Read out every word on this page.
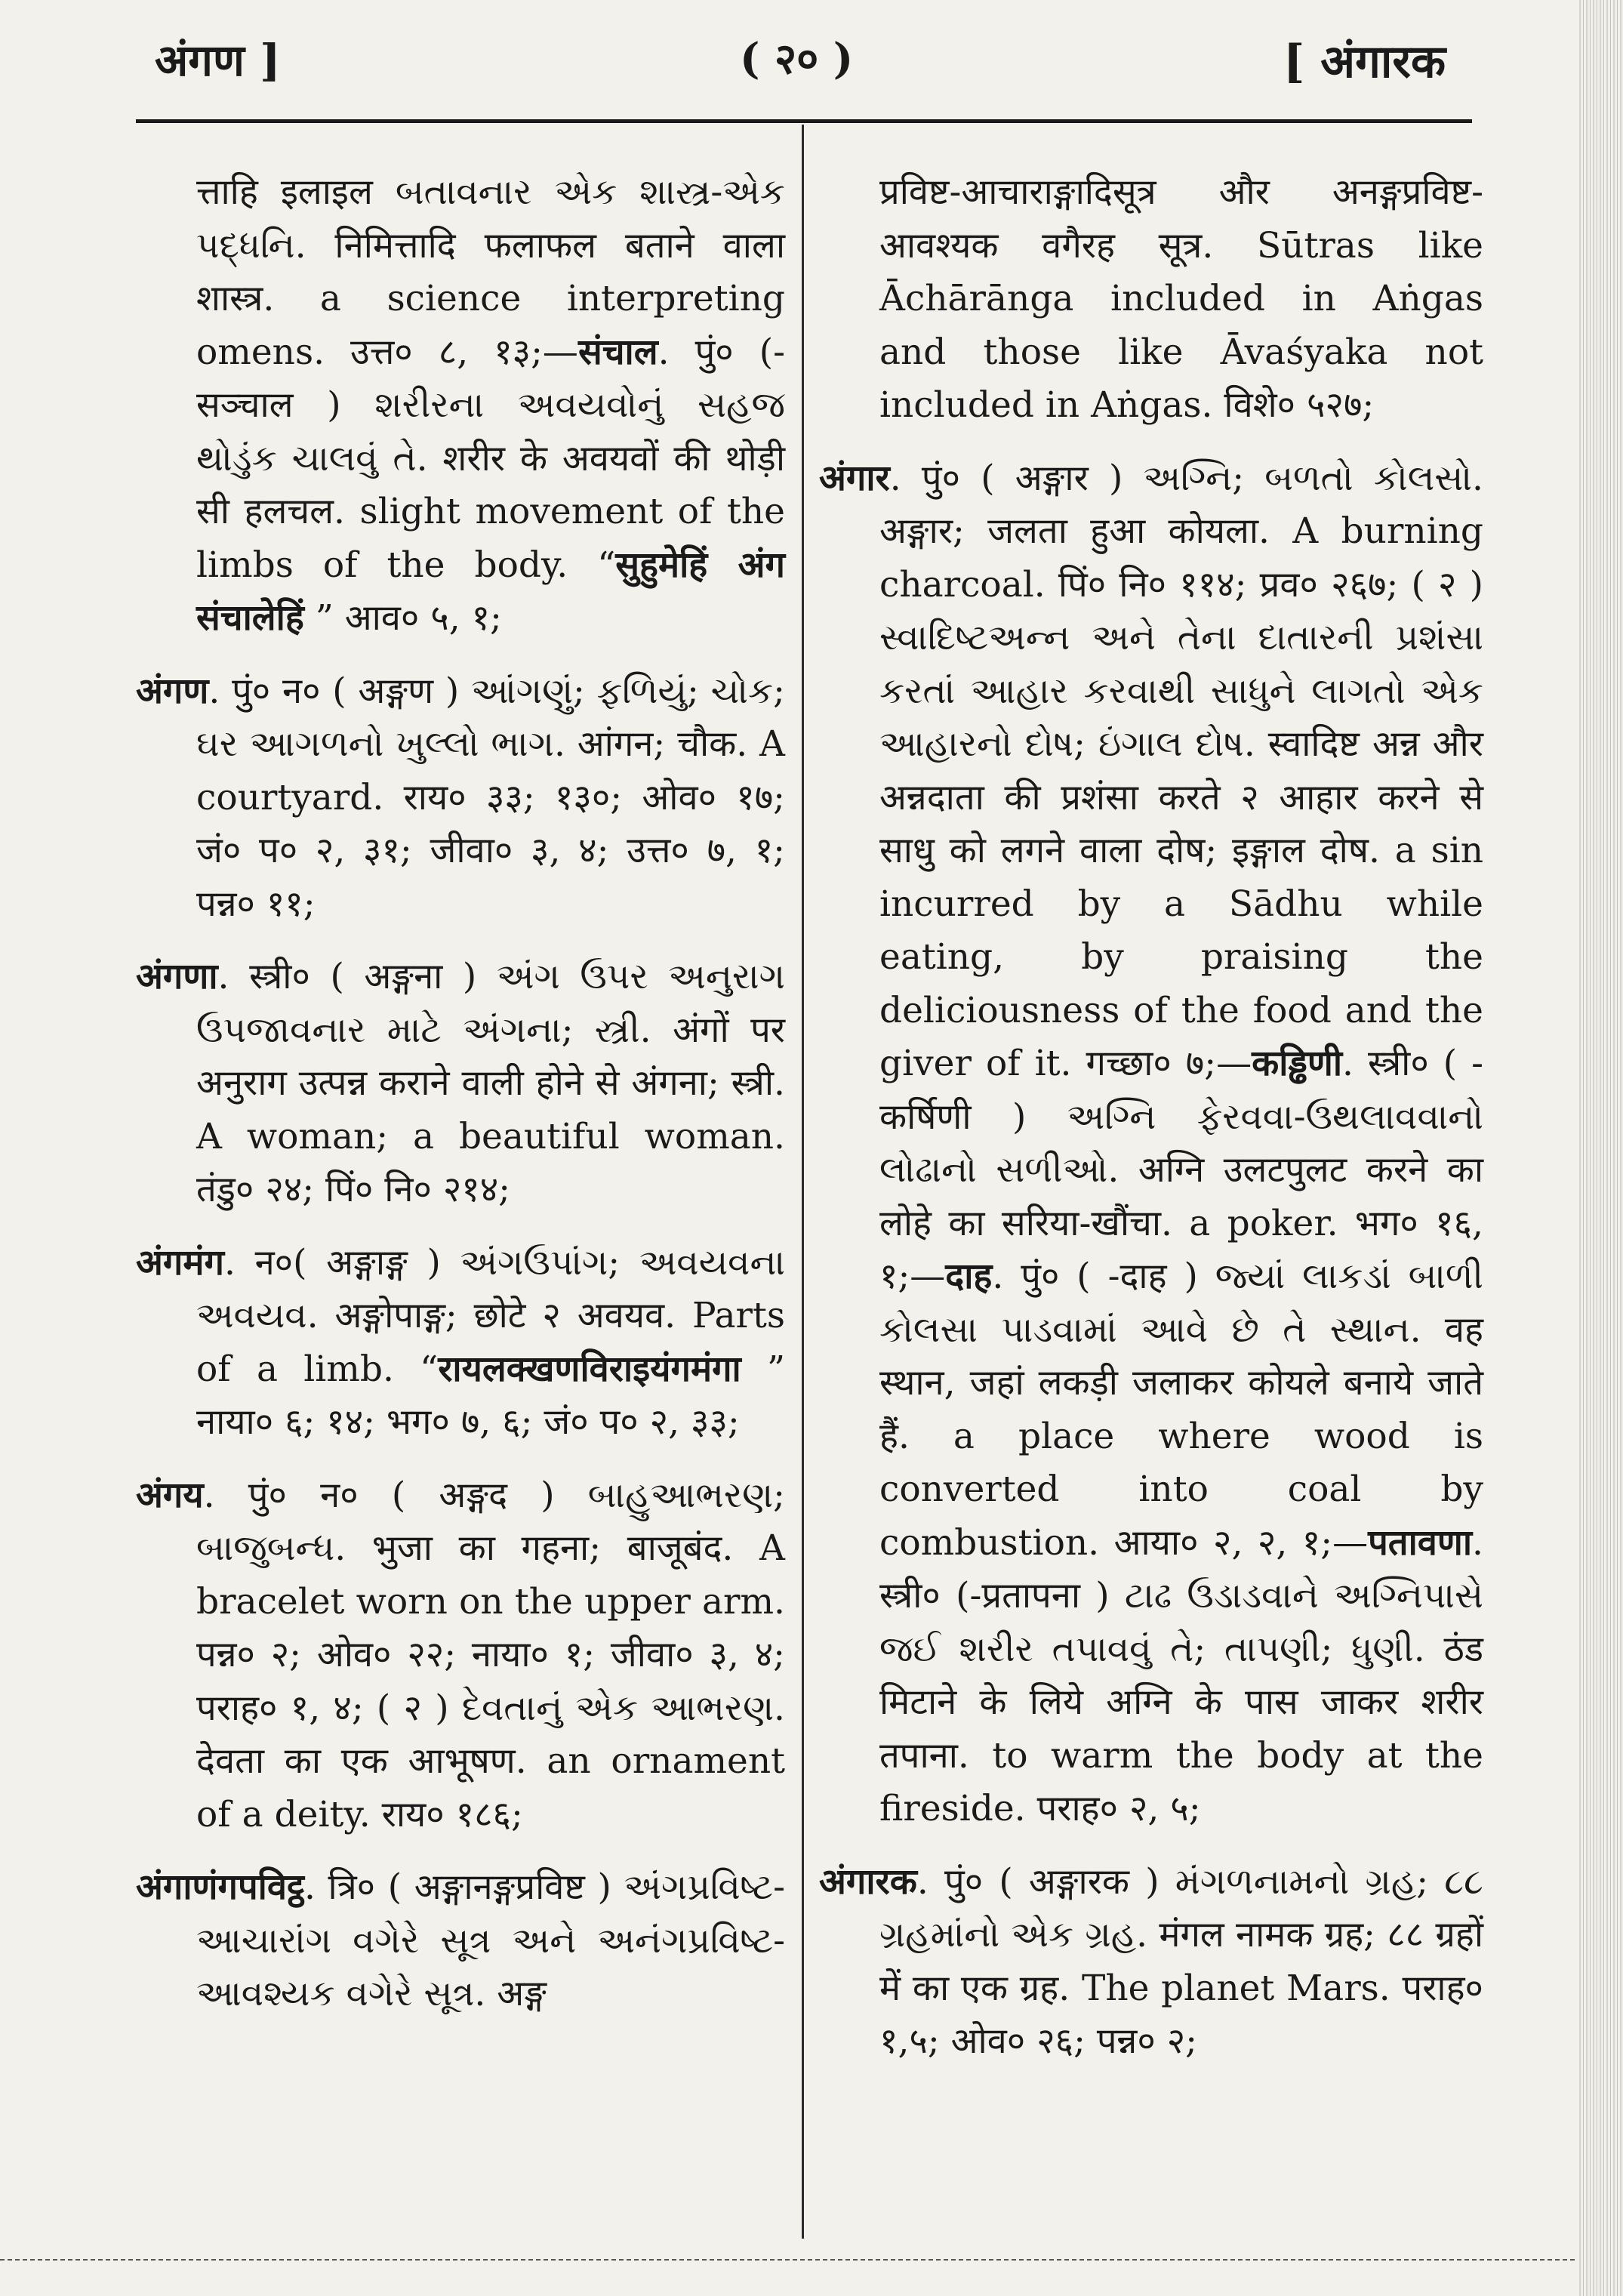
अंगण ]	( २० )	[ अंगारक

त्ताहि इलाइल બતાવનાર એક શાસ્ત્ર-એક પદ્ધનિ. निमित्तादि फलाफल बताने वाला शास्त्र. a science interpreting omens. उत्त० ८, १३;—संचाल. पुं० (-सञ्चाल ) શરીરના અવયવોનું સહજ થોડુંક ચાલવું તે. शरीर के अवयवों की थोड़ी सी हलचल. slight movement of the limbs of the body. “सुहुमेहिं अंग संचालेहिं ” आव० ५, १;

अंगण. पुं० न० ( अङ्गण ) આંગણું; ફળિયું; ચોક; ઘર આગળનો ખુલ્લો ભાગ. आंगन; चौक. A courtyard. राय० ३३; १३०; ओव० १७; जं० प० २, ३१; जीवा० ३, ४; उत्त० ७, १; पन्न० ११;

अंगणा. स्त्री० ( अङ्गना ) અંગ ઉપર અનુરાગ ઉપજાવનાર માટે અંગના; સ્ત્રી. अंगों पर अनुराग उत्पन्न कराने वाली होने से अंगना; स्त्री. A woman; a beautiful woman. तंडु० २४; पिं० नि० २१४;

अंगमंग. न०( अङ्गाङ्ग ) અંગઉપાંગ; અવયવના અવયવ. अङ्गोपाङ्ग; छोटे २ अवयव. Parts of a limb. “रायलक्खणविराइयंगमंगा ” नाया० ६; १४; भग० ७, ६; जं० प० २, ३३;

अंगय. पुं० न० ( अङ्गद ) બાહુઆભરણ; બાજુબન્ધ. भुजा का गहना; बाजूबंद. A bracelet worn on the upper arm. पन्न० २; ओव० २२; नाया० १; जीवा० ३, ४; पराह० १, ४; ( २ ) દેવતાનું એક આભરણ. देवता का एक आभूषण. an ornament of a deity. राय० १८६;

अंगाणंगपविट्ठ. त्रि० ( अङ्गानङ्गप्रविष्ट ) અંગપ્રવિષ્ટ-આચારાંગ વગેરે સૂત્ર અને અનંગપ્રવિષ્ટ-આવશ્યક વગેરે સૂત્ર. अङ्ग

प्रविष्ट-आचाराङ्गादिसूत्र और अनङ्गप्रविष्ट-आवश्यक वगैरह सूत्र. Sūtras like Āchārānga included in Aṅgas and those like Āvaśyaka not included in Aṅgas. विशे० ५२७;

अंगार. पुं० ( अङ्गार ) અગ્નિ; બળતો કોલસો. अङ्गार; जलता हुआ कोयला. A burning charcoal. पिं० नि० ११४; प्रव० २६७; ( २ ) સ્વાદિષ્ટઅન્ન અને તેના દાતારની પ્રશંસા કરતાં આહાર કરવાથી સાધુને લાગતો એક આહારનો દોષ; ઇંગાલ દોષ. स्वादिष्ट अन्न और अन्नदाता की प्रशंसा करते २ आहार करने से साधु को लगने वाला दोष; इङ्गाल दोष. a sin incurred by a Sādhu while eating, by praising the deliciousness of the food and the giver of it. गच्छा० ७;—कड्ढिणी. स्त्री० ( -कर्षिणी ) અગ્નિ ફેરવવા-ઉથલાવવાનો લોઢાનો સળીઓ. अग्नि उलटपुलट करने का लोहे का सरिया-खौंचा. a poker. भग० १६, १;—दाह. पुं० ( -दाह ) જ્યાં લાકડાં બાળી કોલસા પાડવામાં આવે છે તે સ્થાન. वह स्थान, जहां लकड़ी जलाकर कोयले बनाये जाते हैं. a place where wood is converted into coal by combustion. आया० २, २, १;—पतावणा. स्त्री० (-प्रतापना ) ટાઢ ઉડાડવાને અગ્નિપાસે જઈ શરીર તપાવવું તે; તાપણી; ધુણી. ठंड मिटाने के लिये अग्नि के पास जाकर शरीर तपाना. to warm the body at the fireside. पराह० २, ५;

अंगारक. पुं० ( अङ्गारक ) મંગળનામનો ગ્રહ; ૮૮ ગ્રહમાંનો એક ગ્રહ. मंगल नामक ग्रह; ८८ ग्रहों में का एक ग्रह. The planet Mars. पराह० १,५; ओव० २६; पन्न० २;
